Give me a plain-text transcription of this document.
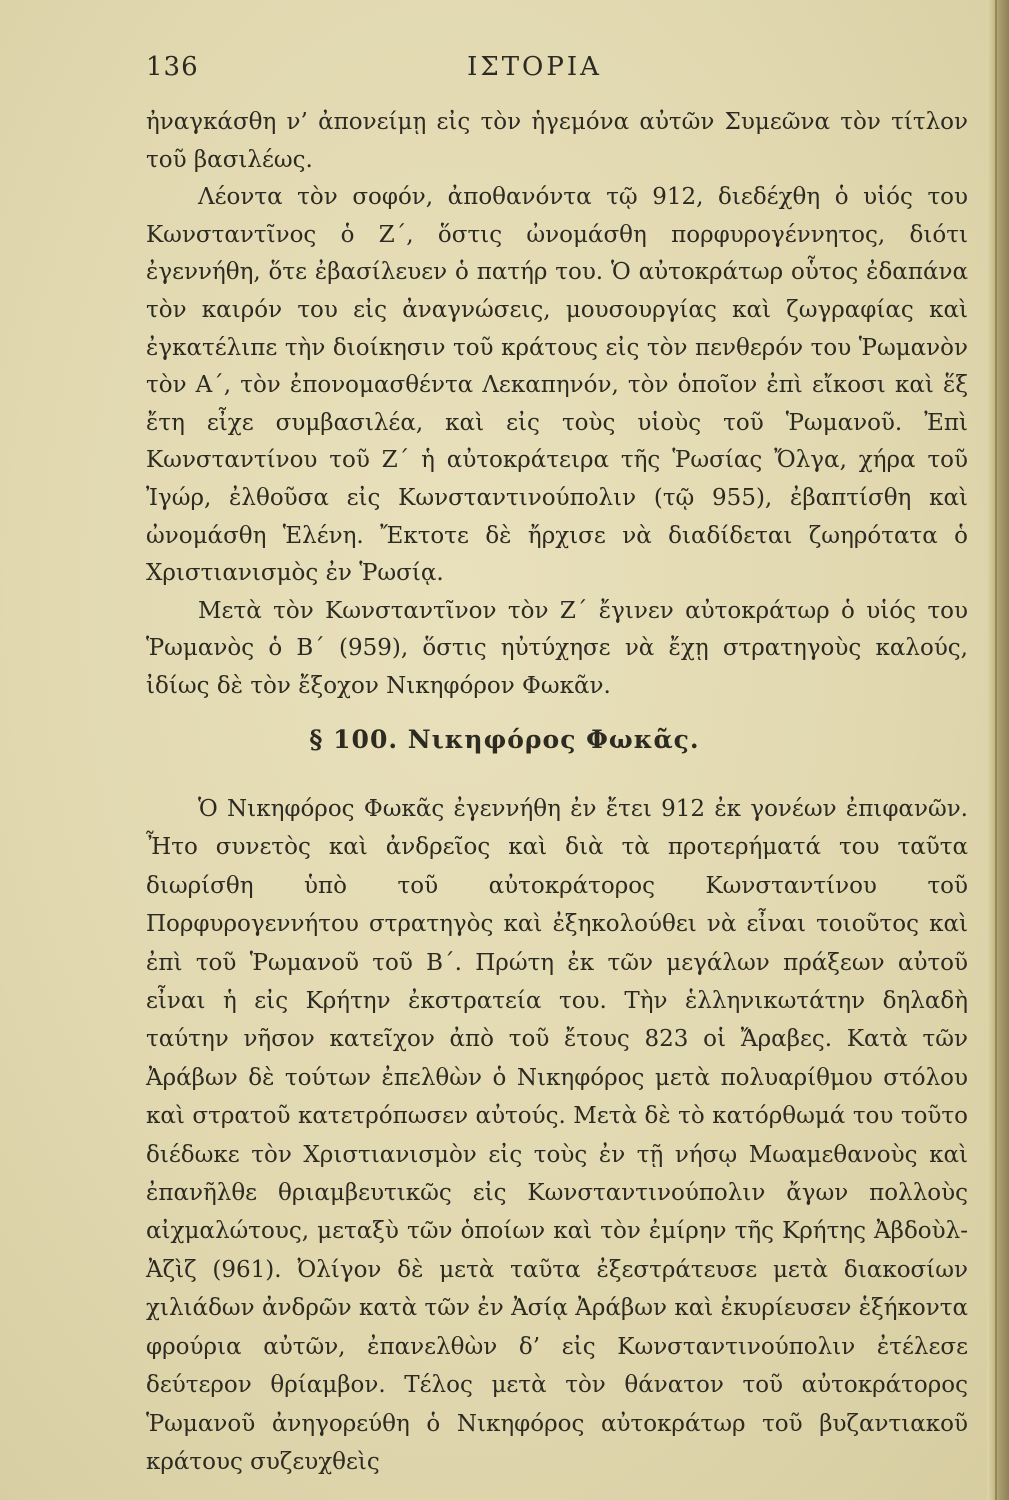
136	ΙΣΤΟΡΙΑ

ἠναγκάσθη ν’ ἀπονείμῃ εἰς τὸν ἡγεμόνα αὐτῶν Συμεῶνα τὸν τίτλον τοῦ βασιλέως.

Λέοντα τὸν σοφόν, ἀποθανόντα τῷ 912, διεδέχθη ὁ υἱός του Κωνσταντῖνος ὁ Ζ΄, ὅστις ὠνομάσθη πορφυρογέννητος, διότι ἐγεννήθη, ὅτε ἐβασίλευεν ὁ πατήρ του. Ὁ αὐτοκράτωρ οὗτος ἐδαπάνα τὸν καιρόν του εἰς ἀναγνώσεις, μουσουργίας καὶ ζωγραφίας καὶ ἐγκατέλιπε τὴν διοίκησιν τοῦ κράτους εἰς τὸν πενθερόν του Ῥωμανὸν τὸν Α΄, τὸν ἐπονομασθέντα Λεκαπηνόν, τὸν ὁποῖον ἐπὶ εἴκοσι καὶ ἕξ ἔτη εἶχε συμβασιλέα, καὶ εἰς τοὺς υἱοὺς τοῦ Ῥωμανοῦ. Ἐπὶ Κωνσταντίνου τοῦ Ζ΄ ἡ αὐτοκράτειρα τῆς Ῥωσίας Ὄλγα, χήρα τοῦ Ἰγώρ, ἐλθοῦσα εἰς Κωνσταντινούπολιν (τῷ 955), ἐβαπτίσθη καὶ ὠνομάσθη Ἑλένη. Ἔκτοτε δὲ ἤρχισε νὰ διαδίδεται ζωηρότατα ὁ Χριστιανισμὸς ἐν Ῥωσίᾳ.

Μετὰ τὸν Κωνσταντῖνον τὸν Ζ΄ ἔγινεν αὐτοκράτωρ ὁ υἱός του Ῥωμανὸς ὁ Β΄ (959), ὅστις ηὐτύχησε νὰ ἔχῃ στρατηγοὺς καλούς, ἰδίως δὲ τὸν ἔξοχον Νικηφόρον Φωκᾶν.

§ 100. Νικηφόρος Φωκᾶς.

Ὁ Νικηφόρος Φωκᾶς ἐγεννήθη ἐν ἔτει 912 ἐκ γονέων ἐπιφανῶν. Ἦτο συνετὸς καὶ ἀνδρεῖος καὶ διὰ τὰ προτερήματά του ταῦτα διωρίσθη ὑπὸ τοῦ αὐτοκράτορος Κωνσταντίνου τοῦ Πορφυρογεννήτου στρατηγὸς καὶ ἐξηκολούθει νὰ εἶναι τοιοῦτος καὶ ἐπὶ τοῦ Ῥωμανοῦ τοῦ Β΄. Πρώτη ἐκ τῶν μεγάλων πράξεων αὐτοῦ εἶναι ἡ εἰς Κρήτην ἐκστρατεία του. Τὴν ἑλληνικωτάτην δηλαδὴ ταύτην νῆσον κατεῖχον ἀπὸ τοῦ ἔτους 823 οἱ Ἄραβες. Κατὰ τῶν Ἀράβων δὲ τούτων ἐπελθὼν ὁ Νικηφόρος μετὰ πολυαρίθμου στόλου καὶ στρατοῦ κατετρόπωσεν αὐτούς. Μετὰ δὲ τὸ κατόρθωμά του τοῦτο διέδωκε τὸν Χριστιανισμὸν εἰς τοὺς ἐν τῇ νήσῳ Μωαμεθανοὺς καὶ ἐπανῆλθε θριαμβευτικῶς εἰς Κωνσταντινούπολιν ἄγων πολλοὺς αἰχμαλώτους, μεταξὺ τῶν ὁποίων καὶ τὸν ἐμίρην τῆς Κρήτης Ἀβδοὺλ-Ἀζὶζ (961). Ὀλίγον δὲ μετὰ ταῦτα ἐξεστράτευσε μετὰ διακοσίων χιλιάδων ἀνδρῶν κατὰ τῶν ἐν Ἀσίᾳ Ἀράβων καὶ ἐκυρίευσεν ἑξήκοντα φρούρια αὐτῶν, ἐπανελθὼν δ’ εἰς Κωνσταντινούπολιν ἐτέλεσε δεύτερον θρίαμβον. Τέλος μετὰ τὸν θάνατον τοῦ αὐτοκράτορος Ῥωμανοῦ ἀνηγορεύθη ὁ Νικηφόρος αὐτοκράτωρ τοῦ βυζαντιακοῦ κράτους συζευχθεὶς
